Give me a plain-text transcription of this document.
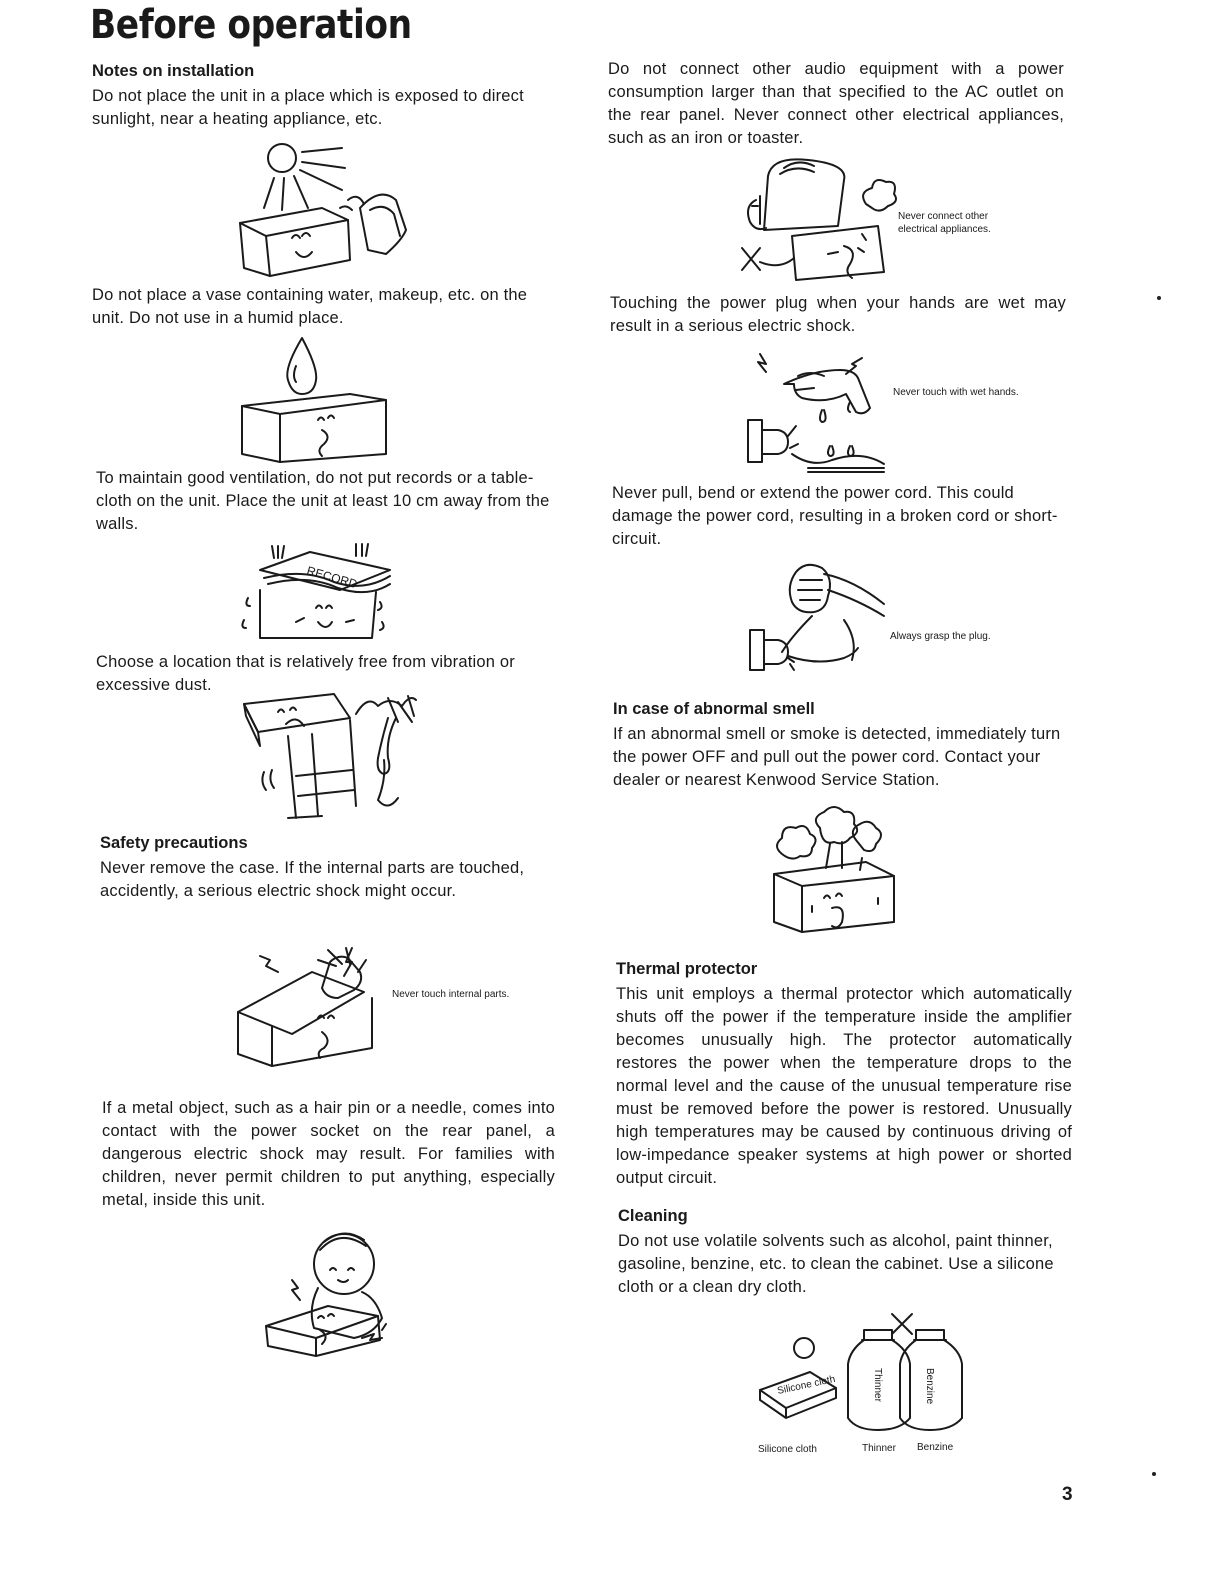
Before operation
Notes on installation

Do not place the unit in a place which is exposed to direct sunlight, near a heating appliance, etc.

Do not place a vase containing water, makeup, etc. on the unit. Do not use in a humid place.

To maintain good ventilation, do not put records or a table-cloth on the unit. Place the unit at least 10 cm away from the walls.

RECORD

Choose a location that is relatively free from vibration or excessive dust.

Safety precautions

Never remove the case. If the internal parts are touched, accidently, a serious electric shock might occur.

Never touch internal parts.

If a metal object, such as a hair pin or a needle, comes into contact with the power socket on the rear panel, a dangerous electric shock may result. For families with children, never permit children to put anything, especially metal, inside this unit.

Do not connect other audio equipment with a power consumption larger than that specified to the AC outlet on the rear panel. Never connect other electrical appliances, such as an iron or toaster.

Never connect other electrical appliances.

Touching the power plug when your hands are wet may result in a serious electric shock.

Never touch with wet hands.

Never pull, bend or extend the power cord. This could damage the power cord, resulting in a broken cord or short-circuit.

Always grasp the plug.
In case of abnormal smell

If an abnormal smell or smoke is detected, immediately turn the power OFF and pull out the power cord. Contact your dealer or nearest Kenwood Service Station.

Thermal protector

This unit employs a thermal protector which automatically shuts off the power if the temperature inside the amplifier becomes unusually high. The protector automatically restores the power when the temperature drops to the normal level and the cause of the unusual temperature rise must be removed before the power is restored. Unusually high temperatures may be caused by continuous driving of low-impedance speaker systems at high power or shorted output circuit.

Cleaning

Do not use volatile solvents such as alcohol, paint thinner, gasoline, benzine, etc. to clean the cabinet. Use a silicone cloth or a clean dry cloth.

Silicone cloth	Thinner	Benzine
Silicone cloth	Thinner Benzine
3
